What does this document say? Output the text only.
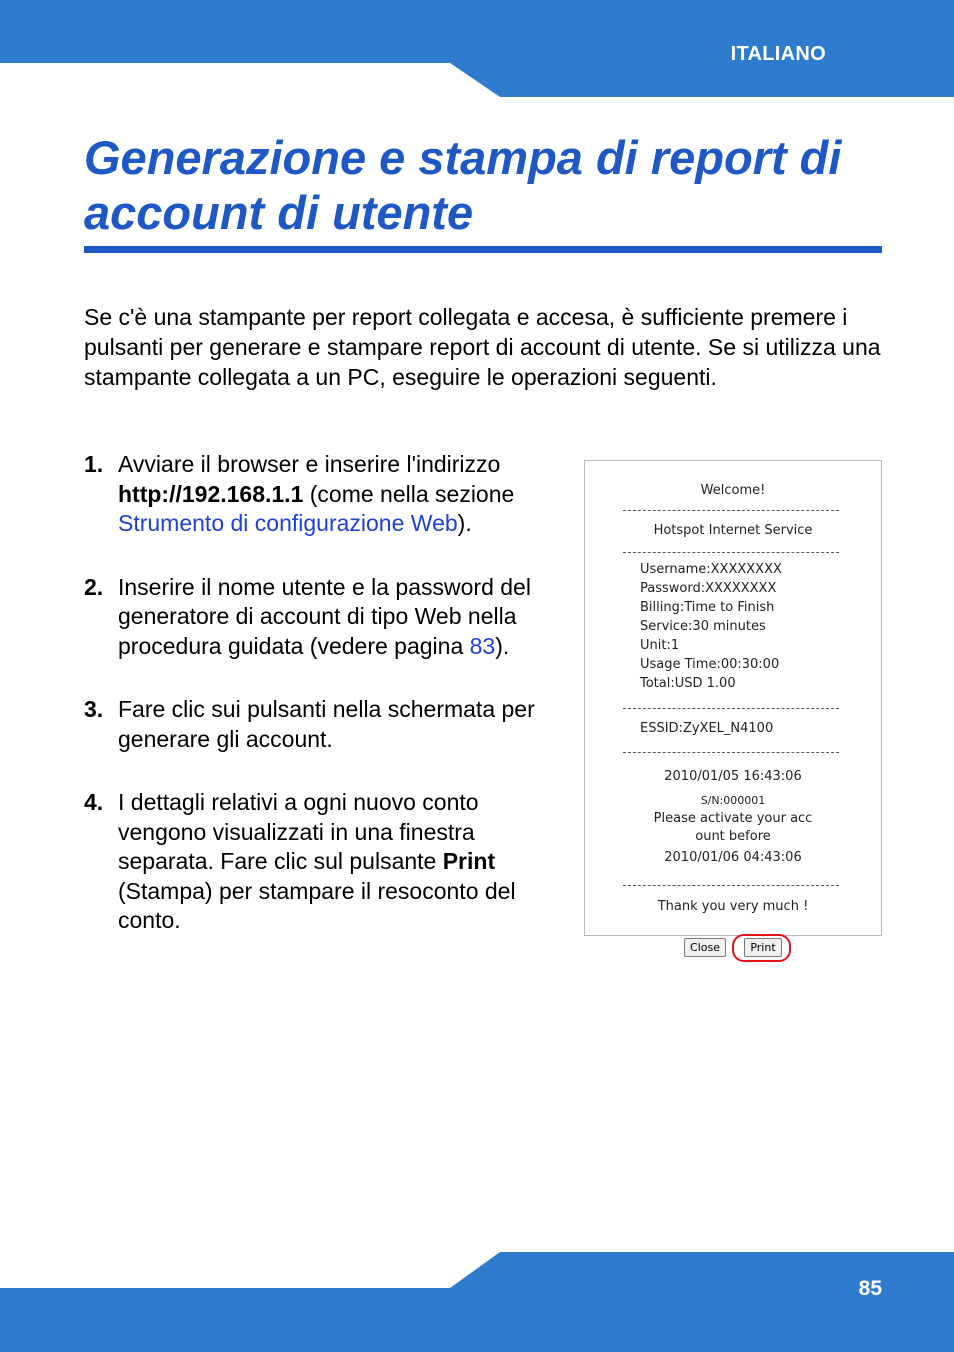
ITALIANO
Generazione e stampa di report di account di utente

Se c'è una stampante per report collegata e accesa, è sufficiente premere i pulsanti per generare e stampare report di account di utente. Se si utilizza una stampante collegata a un PC, eseguire le operazioni seguenti.

1. Avviare il browser e inserire l'indirizzo http://192.168.1.1 (come nella sezione Strumento di configurazione Web).
2. Inserire il nome utente e la password del generatore di account di tipo Web nella procedura guidata (vedere pagina 83).
3. Fare clic sui pulsanti nella schermata per generare gli account.
4. I dettagli relativi a ogni nuovo conto vengono visualizzati in una finestra separata. Fare clic sul pulsante Print (Stampa) per stampare il resoconto del conto.
Welcome!
Hotspot Internet Service
Username:XXXXXXXX
Password:XXXXXXXX
Billing:Time to Finish
Service:30 minutes
Unit:1
Usage Time:00:30:00
Total:USD 1.00
ESSID:ZyXEL_N4100
2010/01/05 16:43:06
S/N:000001
Please activate your acc
ount before
2010/01/06 04:43:06
Thank you very much !
Close	Print
85
